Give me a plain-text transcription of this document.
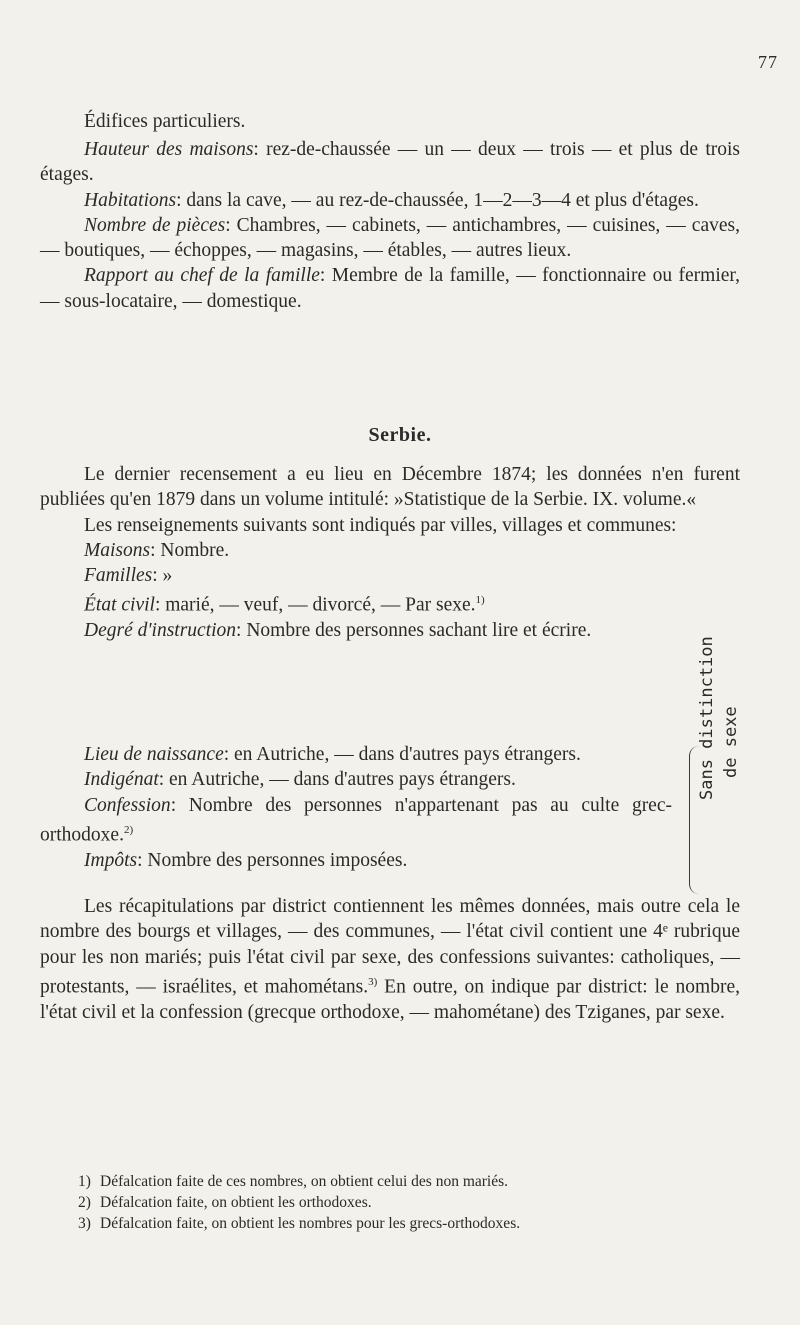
77
Édifices particuliers.

Hauteur des maisons: rez-de-chaussée — un — deux — trois — et plus de trois étages.

Habitations: dans la cave, — au rez-de-chaussée, 1—2—3—4 et plus d'étages.

Nombre de pièces: Chambres, — cabinets, — antichambres, — cuisines, — caves, — boutiques, — échoppes, — magasins, — étables, — autres lieux.

Rapport au chef de la famille: Membre de la famille, — fonctionnaire ou fermier, — sous-locataire, — domestique.

Serbie.

Le dernier recensement a eu lieu en Décembre 1874; les données n'en furent publiées qu'en 1879 dans un volume intitulé: »Statistique de la Serbie. IX. volume.«

Les renseignements suivants sont indiqués par villes, villages et communes:

Maisons: Nombre.

Familles: »

État civil: marié, — veuf, — divorcé, — Par sexe.$^{1)}$

Degré d'instruction: Nombre des personnes sachant lire et écrire.

Lieu de naissance: en Autriche, — dans d'autres pays étrangers.

Indigénat: en Autriche, — dans d'autres pays étrangers.

Confession: Nombre des personnes n'appartenant pas au culte grec-orthodoxe.$^{2)}$

Impôts: Nombre des personnes imposées.

Sans distinction de sexe

Les récapitulations par district contiennent les mêmes données, mais outre cela le nombre des bourgs et villages, — des communes, — l'état civil contient une 4ᵉ rubrique pour les non mariés; puis l'état civil par sexe, des confessions suivantes: catholiques, — protestants, — israélites, et mahométans.$^{3)}$ En outre, on indique par district: le nombre, l'état civil et la confession (grecque orthodoxe, — mahométane) des Tziganes, par sexe.

1) Défalcation faite de ces nombres, on obtient celui des non mariés.
2) Défalcation faite, on obtient les orthodoxes.
3) Défalcation faite, on obtient les nombres pour les grecs-orthodoxes.
